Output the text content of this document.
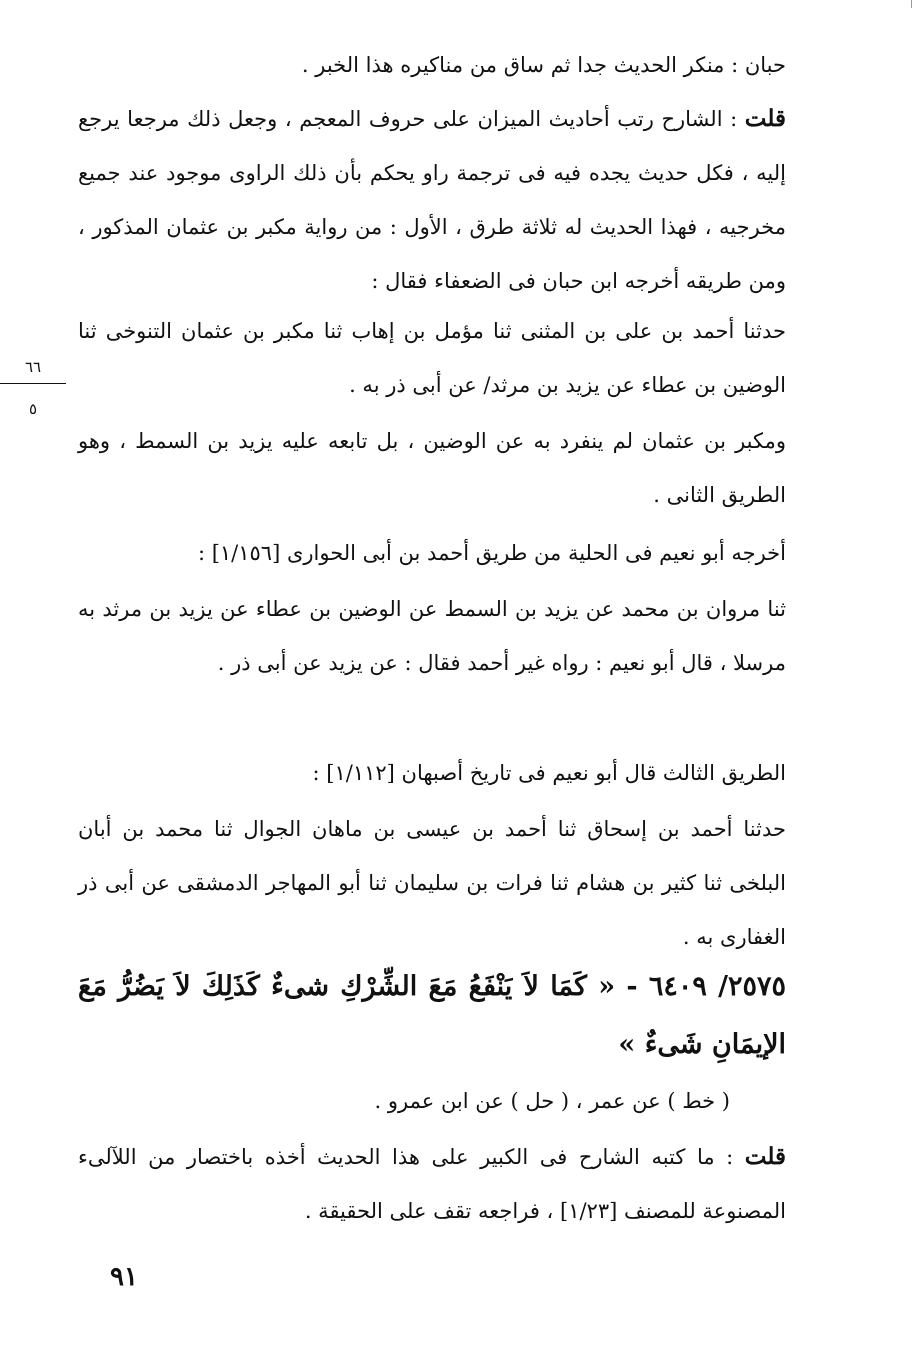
حبان : منكر الحديث جدا ثم ساق من مناكيره هذا الخبر .

قلت : الشارح رتب أحاديث الميزان على حروف المعجم ، وجعل ذلك مرجعا يرجع إليه ، فكل حديث يجده فيه فى ترجمة راو يحكم بأن ذلك الراوى موجود عند جميع مخرجيه ، فهذا الحديث له ثلاثة طرق ، الأول : من رواية مكبر بن عثمان المذكور ، ومن طريقه أخرجه ابن حبان فى الضعفاء فقال :

حدثنا أحمد بن على بن المثنى ثنا مؤمل بن إهاب ثنا مكبر بن عثمان التنوخى ثنا الوضين بن عطاء عن يزيد بن مرثد/ عن أبى ذر به .

٦٦
٥

ومكبر بن عثمان لم ينفرد به عن الوضين ، بل تابعه عليه يزيد بن السمط ، وهو الطريق الثانى .

أخرجه أبو نعيم فى الحلية من طريق أحمد بن أبى الحوارى [١/١٥٦] :

ثنا مروان بن محمد عن يزيد بن السمط عن الوضين بن عطاء عن يزيد بن مرثد به مرسلا ، قال أبو نعيم : رواه غير أحمد فقال : عن يزيد عن أبى ذر .

الطريق الثالث قال أبو نعيم فى تاريخ أصبهان [١/١١٢] :

حدثنا أحمد بن إسحاق ثنا أحمد بن عيسى بن ماهان الجوال ثنا محمد بن أبان البلخى ثنا كثير بن هشام ثنا فرات بن سليمان ثنا أبو المهاجر الدمشقى عن أبى ذر الغفارى به .

٢٥٧٥/ ٦٤٠٩ - « كَمَا لاَ يَنْفَعُ مَعَ الشِّرْكِ شىءٌ كَذَلِكَ لاَ يَضُرُّ مَعَ الإيمَانِ شَىءٌ »
( خط ) عن عمر ، ( حل ) عن ابن عمرو .

قلت : ما كتبه الشارح فى الكبير على هذا الحديث أخذه باختصار من اللآلىء المصنوعة للمصنف [١/٢٣] ، فراجعه تقف على الحقيقة .

٩١
